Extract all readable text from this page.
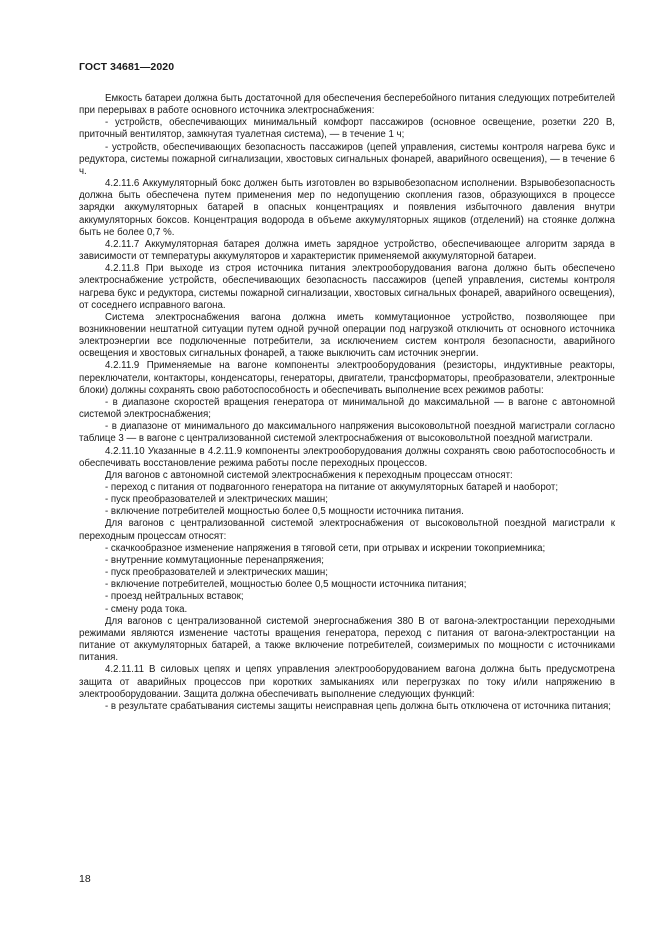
ГОСТ 34681—2020

Емкость батареи должна быть достаточной для обеспечения бесперебойного питания следующих потребителей при перерывах в работе основного источника электроснабжения:

- устройств, обеспечивающих минимальный комфорт пассажиров (основное освещение, розетки 220 В, приточный вентилятор, замкнутая туалетная система), — в течение 1 ч;

- устройств, обеспечивающих безопасность пассажиров (цепей управления, системы контроля нагрева букс и редуктора, системы пожарной сигнализации, хвостовых сигнальных фонарей, аварийного освещения), — в течение 6 ч.

4.2.11.6 Аккумуляторный бокс должен быть изготовлен во взрывобезопасном исполнении. Взрывобезопасность должна быть обеспечена путем применения мер по недопущению скопления газов, образующихся в процессе зарядки аккумуляторных батарей в опасных концентрациях и появления избыточного давления внутри аккумуляторных боксов. Концентрация водорода в объеме аккумуляторных ящиков (отделений) на стоянке должна быть не более 0,7 %.

4.2.11.7 Аккумуляторная батарея должна иметь зарядное устройство, обеспечивающее алгоритм заряда в зависимости от температуры аккумуляторов и характеристик применяемой аккумуляторной батареи.

4.2.11.8 При выходе из строя источника питания электрооборудования вагона должно быть обеспечено электроснабжение устройств, обеспечивающих безопасность пассажиров (цепей управления, системы контроля нагрева букс и редуктора, системы пожарной сигнализации, хвостовых сигнальных фонарей, аварийного освещения), от соседнего исправного вагона.

Система электроснабжения вагона должна иметь коммутационное устройство, позволяющее при возникновении нештатной ситуации путем одной ручной операции под нагрузкой отключить от основного источника электроэнергии все подключенные потребители, за исключением систем контроля безопасности, аварийного освещения и хвостовых сигнальных фонарей, а также выключить сам источник энергии.

4.2.11.9 Применяемые на вагоне компоненты электрооборудования (резисторы, индуктивные реакторы, переключатели, контакторы, конденсаторы, генераторы, двигатели, трансформаторы, преобразователи, электронные блоки) должны сохранять свою работоспособность и обеспечивать выполнение всех режимов работы:

- в диапазоне скоростей вращения генератора от минимальной до максимальной — в вагоне с автономной системой электроснабжения;

- в диапазоне от минимального до максимального напряжения высоковольтной поездной магистрали согласно таблице 3 — в вагоне с централизованной системой электроснабжения от высоковольтной поездной магистрали.

4.2.11.10 Указанные в 4.2.11.9 компоненты электрооборудования должны сохранять свою работоспособность и обеспечивать восстановление режима работы после переходных процессов.

Для вагонов с автономной системой электроснабжения к переходным процессам относят:

- переход с питания от подвагонного генератора на питание от аккумуляторных батарей и наоборот;

- пуск преобразователей и электрических машин;

- включение потребителей мощностью более 0,5 мощности источника питания.

Для вагонов с централизованной системой электроснабжения от высоковольтной поездной магистрали к переходным процессам относят:

- скачкообразное изменение напряжения в тяговой сети, при отрывах и искрении токоприемника;

- внутренние коммутационные перенапряжения;

- пуск преобразователей и электрических машин;

- включение потребителей, мощностью более 0,5 мощности источника питания;

- проезд нейтральных вставок;

- смену рода тока.

Для вагонов с централизованной системой энергоснабжения 380 В от вагона-электростанции переходными режимами являются изменение частоты вращения генератора, переход с питания от вагона-электростанции на питание от аккумуляторных батарей, а также включение потребителей, соизмеримых по мощности с источниками питания.

4.2.11.11 В силовых цепях и цепях управления электрооборудованием вагона должна быть предусмотрена защита от аварийных процессов при коротких замыканиях или перегрузках по току и/или напряжению в электрооборудовании. Защита должна обеспечивать выполнение следующих функций:

- в результате срабатывания системы защиты неисправная цепь должна быть отключена от источника питания;

18
